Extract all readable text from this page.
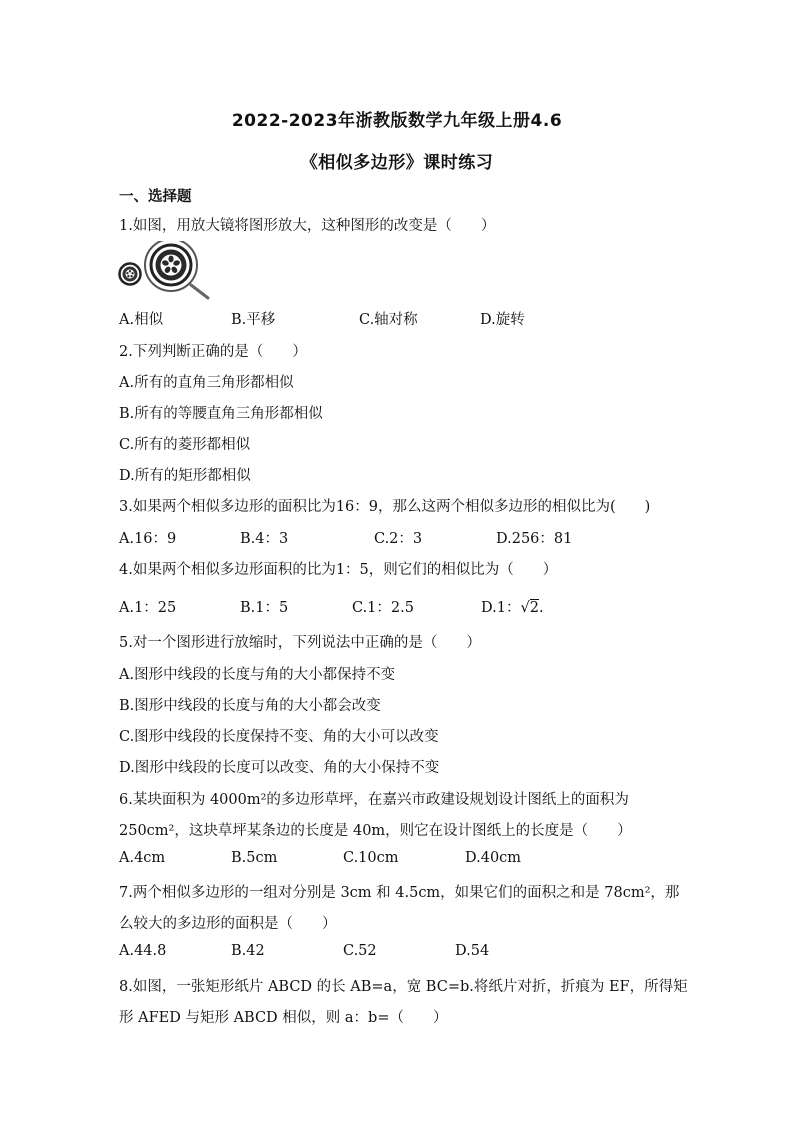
2022-2023年浙教版数学九年级上册4.6
《相似多边形》课时练习
一、选择题
1.如图，用放大镜将图形放大，这种图形的改变是（　　）
A.相似	B.平移	C.轴对称	D.旋转
2.下列判断正确的是（　　）
A.所有的直角三角形都相似
B.所有的等腰直角三角形都相似
C.所有的菱形都相似
D.所有的矩形都相似
3.如果两个相似多边形的面积比为16：9，那么这两个相似多边形的相似比为(　　)
A.16：9	B.4：3	C.2：3	D.256：81
4.如果两个相似多边形面积的比为1：5，则它们的相似比为（　　）
A.1：25	B.1：5	C.1：2.5	D.1：√2.
5.对一个图形进行放缩时，下列说法中正确的是（　　）
A.图形中线段的长度与角的大小都保持不变
B.图形中线段的长度与角的大小都会改变
C.图形中线段的长度保持不变、角的大小可以改变
D.图形中线段的长度可以改变、角的大小保持不变
6.某块面积为 4000m²的多边形草坪，在嘉兴市政建设规划设计图纸上的面积为
250cm²，这块草坪某条边的长度是 40m，则它在设计图纸上的长度是（　　）
A.4cm	B.5cm	C.10cm	D.40cm
7.两个相似多边形的一组对分别是 3cm 和 4.5cm，如果它们的面积之和是 78cm²，那
么较大的多边形的面积是（　　）
A.44.8	B.42	C.52	D.54
8.如图，一张矩形纸片 ABCD 的长 AB=a，宽 BC=b.将纸片对折，折痕为 EF，所得矩
形 AFED 与矩形 ABCD 相似，则 a：b=（　　）
